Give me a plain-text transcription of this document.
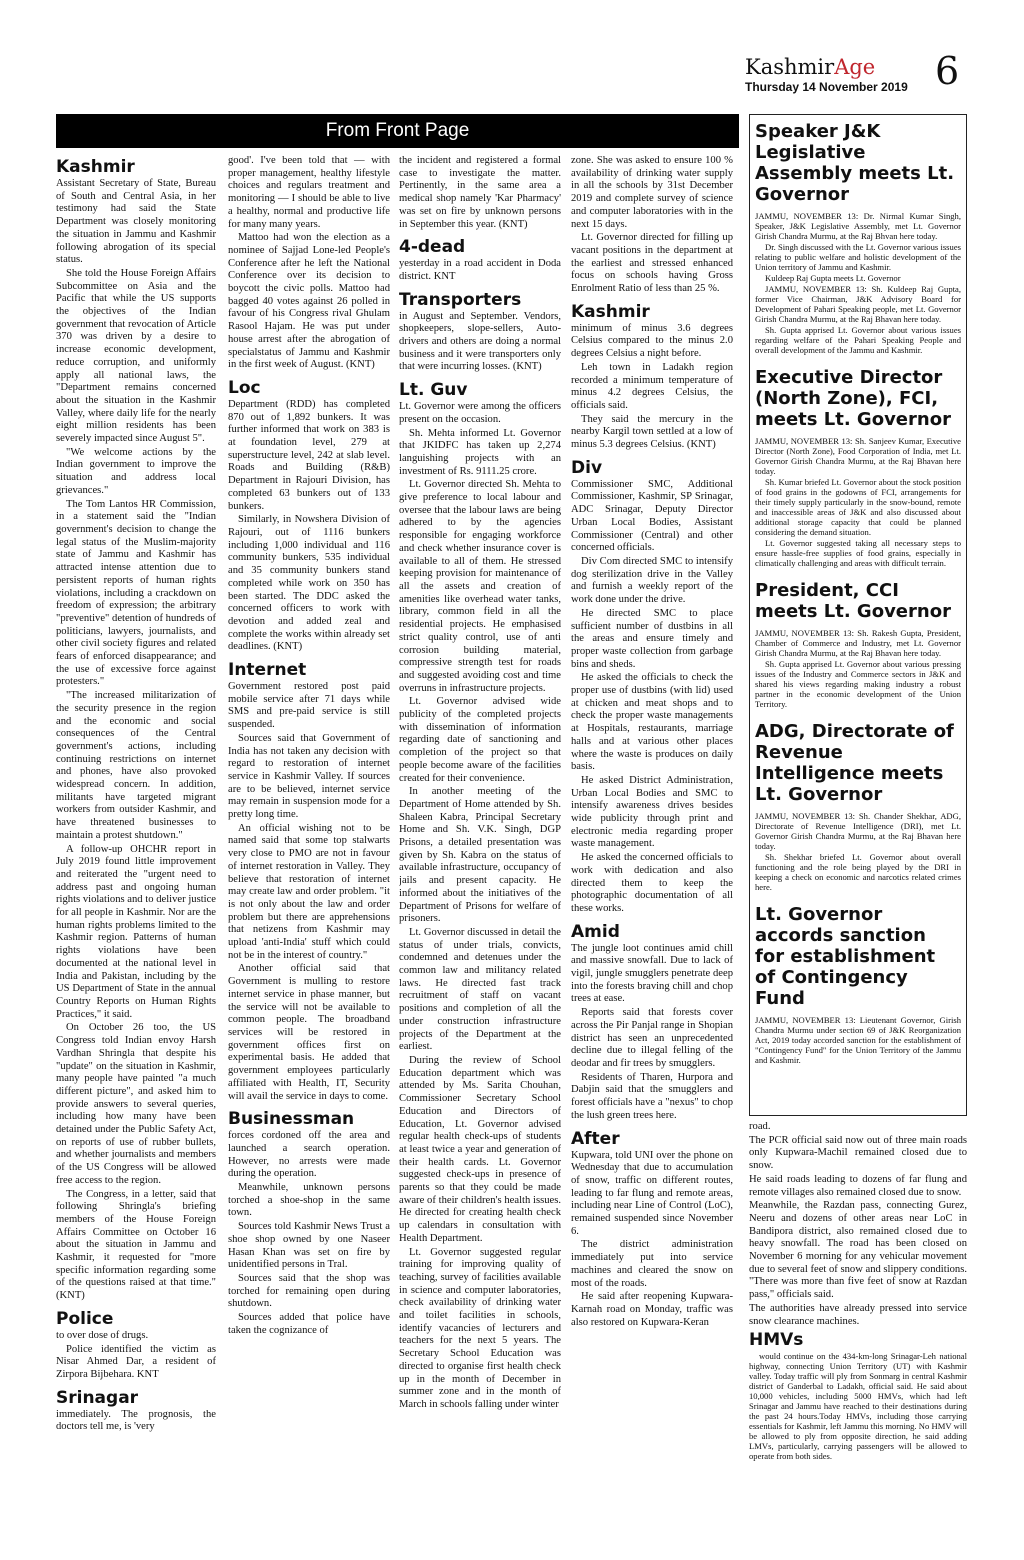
KashmirAge
Thursday 14 November 2019 6
From Front Page
Kashmir

Assistant Secretary of State, Bureau of South and Central Asia, in her testimony had said the State Department was closely monitoring the situation in Jammu and Kashmir following abrogation of its special status.

She told the House Foreign Affairs Subcommittee on Asia and the Pacific that while the US supports the objectives of the Indian government that revocation of Article 370 was driven by a desire to increase economic development, reduce corruption, and uniformly apply all national laws, the "Department remains concerned about the situation in the Kashmir Valley, where daily life for the nearly eight million residents has been severely impacted since August 5".

"We welcome actions by the Indian government to improve the situation and address local grievances."

The Tom Lantos HR Commission, in a statement said the "Indian government's decision to change the legal status of the Muslim-majority state of Jammu and Kashmir has attracted intense attention due to persistent reports of human rights violations, including a crackdown on freedom of expression; the arbitrary "preventive" detention of hundreds of politicians, lawyers, journalists, and other civil society figures and related fears of enforced disappearance; and the use of excessive force against protesters."

"The increased militarization of the security presence in the region and the economic and social consequences of the Central government's actions, including continuing restrictions on internet and phones, have also provoked widespread concern. In addition, militants have targeted migrant workers from outsider Kashmir, and have threatened businesses to maintain a protest shutdown."

A follow-up OHCHR report in July 2019 found little improvement and reiterated the "urgent need to address past and ongoing human rights violations and to deliver justice for all people in Kashmir. Nor are the human rights problems limited to the Kashmir region. Patterns of human rights violations have been documented at the national level in India and Pakistan, including by the US Department of State in the annual Country Reports on Human Rights Practices," it said.

On October 26 too, the US Congress told Indian envoy Harsh Vardhan Shringla that despite his "update" on the situation in Kashmir, many people have painted "a much different picture", and asked him to provide answers to several queries, including how many have been detained under the Public Safety Act, on reports of use of rubber bullets, and whether journalists and members of the US Congress will be allowed free access to the region.

The Congress, in a letter, said that following Shringla's briefing members of the House Foreign Affairs Committee on October 16 about the situation in Jammu and Kashmir, it requested for "more specific information regarding some of the questions raised at that time." (KNT)

Police

to over dose of drugs.

Police identified the victim as Nisar Ahmed Dar, a resident of Zirpora Bijbehara. KNT

Srinagar

immediately. The prognosis, the doctors tell me, is 'very

good'. I've been told that — with proper management, healthy lifestyle choices and regulars treatment and monitoring — I should be able to live a healthy, normal and productive life for many many years.

Mattoo had won the election as a nominee of Sajjad Lone-led People's Conference after he left the National Conference over its decision to boycott the civic polls. Mattoo had bagged 40 votes against 26 polled in favour of his Congress rival Ghulam Rasool Hajam. He was put under house arrest after the abrogation of specialstatus of Jammu and Kashmir in the first week of August. (KNT)

Loc

Department (RDD) has completed 870 out of 1,892 bunkers. It was further informed that work on 383 is at foundation level, 279 at superstructure level, 242 at slab level. Roads and Building (R&B) Department in Rajouri Division, has completed 63 bunkers out of 133 bunkers.

Similarly, in Nowshera Division of Rajouri, out of 1116 bunkers including 1,000 individual and 116 community bunkers, 535 individual and 35 community bunkers stand completed while work on 350 has been started. The DDC asked the concerned officers to work with devotion and added zeal and complete the works within already set deadlines. (KNT)

Internet

Government restored post paid mobile service after 71 days while SMS and pre-paid service is still suspended.

Sources said that Government of India has not taken any decision with regard to restoration of internet service in Kashmir Valley. If sources are to be believed, internet service may remain in suspension mode for a pretty long time.

An official wishing not to be named said that some top stalwarts very close to PMO are not in favour of internet restoration in Valley. They believe that restoration of internet may create law and order problem. "it is not only about the law and order problem but there are apprehensions that netizens from Kashmir may upload 'anti-India' stuff which could not be in the interest of country."

Another official said that Government is mulling to restore internet service in phase manner, but the service will not be available to common people. The broadband services will be restored in government offices first on experimental basis. He added that government employees particularly affiliated with Health, IT, Security will avail the service in days to come.

Businessman

forces cordoned off the area and launched a search operation. However, no arrests were made during the operation.

Meanwhile, unknown persons torched a shoe-shop in the same town.

Sources told Kashmir News Trust a shoe shop owned by one Naseer Hasan Khan was set on fire by unidentified persons in Tral.

Sources said that the shop was torched for remaining open during shutdown.

Sources added that police have taken the cognizance of

the incident and registered a formal case to investigate the matter. Pertinently, in the same area a medical shop namely 'Kar Pharmacy' was set on fire by unknown persons in September this year. (KNT)

4-dead

yesterday in a road accident in Doda district. KNT

Transporters

in August and September. Vendors, shopkeepers, slope-sellers, Auto-drivers and others are doing a normal business and it were transporters only that were incurring losses. (KNT)

Lt. Guv

Lt. Governor were among the officers present on the occasion.

Sh. Mehta informed Lt. Governor that JKIDFC has taken up 2,274 languishing projects with an investment of Rs. 9111.25 crore.

Lt. Governor directed Sh. Mehta to give preference to local labour and oversee that the labour laws are being adhered to by the agencies responsible for engaging workforce and check whether insurance cover is available to all of them. He stressed keeping provision for maintenance of all the assets and creation of amenities like overhead water tanks, library, common field in all the residential projects. He emphasised strict quality control, use of anti corrosion building material, compressive strength test for roads and suggested avoiding cost and time overruns in infrastructure projects.

Lt. Governor advised wide publicity of the completed projects with dissemination of information regarding date of sanctioning and completion of the project so that people become aware of the facilities created for their convenience.

In another meeting of the Department of Home attended by Sh. Shaleen Kabra, Principal Secretary Home and Sh. V.K. Singh, DGP Prisons, a detailed presentation was given by Sh. Kabra on the status of available infrastructure, occupancy of jails and present capacity. He informed about the initiatives of the Department of Prisons for welfare of prisoners.

Lt. Governor discussed in detail the status of under trials, convicts, condemned and detenues under the common law and militancy related laws. He directed fast track recruitment of staff on vacant positions and completion of all the under construction infrastructure projects of the Department at the earliest.

During the review of School Education department which was attended by Ms. Sarita Chouhan, Commissioner Secretary School Education and Directors of Education, Lt. Governor advised regular health check-ups of students at least twice a year and generation of their health cards. Lt. Governor suggested check-ups in presence of parents so that they could be made aware of their children's health issues. He directed for creating health check up calendars in consultation with Health Department.

Lt. Governor suggested regular training for improving quality of teaching, survey of facilities available in science and computer laboratories, check availability of drinking water and toilet facilities in schools, identify vacancies of lecturers and teachers for the next 5 years. The Secretary School Education was directed to organise first health check up in the month of December in summer zone and in the month of March in schools falling under winter

zone. She was asked to ensure 100 % availability of drinking water supply in all the schools by 31st December 2019 and complete survey of science and computer laboratories with in the next 15 days.

Lt. Governor directed for filling up vacant positions in the department at the earliest and stressed enhanced focus on schools having Gross Enrolment Ratio of less than 25 %.

Kashmir

minimum of minus 3.6 degrees Celsius compared to the minus 2.0 degrees Celsius a night before.

Leh town in Ladakh region recorded a minimum temperature of minus 4.2 degrees Celsius, the officials said.

They said the mercury in the nearby Kargil town settled at a low of minus 5.3 degrees Celsius. (KNT)

Div

Commissioner SMC, Additional Commissioner, Kashmir, SP Srinagar, ADC Srinagar, Deputy Director Urban Local Bodies, Assistant Commissioner (Central) and other concerned officials.

Div Com directed SMC to intensify dog sterilization drive in the Valley and furnish a weekly report of the work done under the drive.

He directed SMC to place sufficient number of dustbins in all the areas and ensure timely and proper waste collection from garbage bins and sheds.

He asked the officials to check the proper use of dustbins (with lid) used at chicken and meat shops and to check the proper waste managements at Hospitals, restaurants, marriage halls and at various other places where the waste is produces on daily basis.

He asked District Administration, Urban Local Bodies and SMC to intensify awareness drives besides wide publicity through print and electronic media regarding proper waste management.

He asked the concerned officials to work with dedication and also directed them to keep the photographic documentation of all these works.

Amid

The jungle loot continues amid chill and massive snowfall. Due to lack of vigil, jungle smugglers penetrate deep into the forests braving chill and chop trees at ease.

Reports said that forests cover across the Pir Panjal range in Shopian district has seen an unprecedented decline due to illegal felling of the deodar and fir trees by smugglers.

Residents of Tharen, Hurpora and Dabjin said that the smugglers and forest officials have a "nexus" to chop the lush green trees here.

After

Kupwara, told UNI over the phone on Wednesday that due to accumulation of snow, traffic on different routes, leading to far flung and remote areas, including near Line of Control (LoC), remained suspended since November 6.

The district administration immediately put into service machines and cleared the snow on most of the roads.

He said after reopening Kupwara-Karnah road on Monday, traffic was also restored on Kupwara-Keran

Speaker J&K Legislative Assembly meets Lt. Governor

JAMMU, NOVEMBER 13: Dr. Nirmal Kumar Singh, Speaker, J&K Legislative Assembly, met Lt. Governor Girish Chandra Murmu, at the Raj Bhvan here today.

Dr. Singh discussed with the Lt. Governor various issues relating to public welfare and holistic development of the Union territory of Jammu and Kashmir.

Kuldeep Raj Gupta meets Lt. Governor

JAMMU, NOVEMBER 13: Sh. Kuldeep Raj Gupta, former Vice Chairman, J&K Advisory Board for Development of Pahari Speaking people, met Lt. Governor Girish Chandra Murmu, at the Raj Bhavan here today.

Sh. Gupta apprised Lt. Governor about various issues regarding welfare of the Pahari Speaking People and overall development of the Jammu and Kashmir.

Executive Director (North Zone), FCI, meets Lt. Governor

JAMMU, NOVEMBER 13: Sh. Sanjeev Kumar, Executive Director (North Zone), Food Corporation of India, met Lt. Governor Girish Chandra Murmu, at the Raj Bhavan here today.

Sh. Kumar briefed Lt. Governor about the stock position of food grains in the godowns of FCI, arrangements for their timely supply particularly in the snow-bound, remote and inaccessible areas of J&K and also discussed about additional storage capacity that could be planned considering the demand situation.

Lt. Governor suggested taking all necessary steps to ensure hassle-free supplies of food grains, especially in climatically challenging and areas with difficult terrain.

President, CCI meets Lt. Governor

JAMMU, NOVEMBER 13: Sh. Rakesh Gupta, President, Chamber of Commerce and Industry, met Lt. Governor Girish Chandra Murmu, at the Raj Bhavan here today.

Sh. Gupta apprised Lt. Governor about various pressing issues of the Industry and Commerce sectors in J&K and shared his views regarding making industry a robust partner in the economic development of the Union Territory.

ADG, Directorate of Revenue Intelligence meets Lt. Governor

JAMMU, NOVEMBER 13: Sh. Chander Shekhar, ADG, Directorate of Revenue Intelligence (DRI), met Lt. Governor Girish Chandra Murmu, at the Raj Bhavan here today.

Sh. Shekhar briefed Lt. Governor about overall functioning and the role being played by the DRI in keeping a check on economic and narcotics related crimes here.

Lt. Governor accords sanction for establishment of Contingency Fund

JAMMU, NOVEMBER 13: Lieutenant Governor, Girish Chandra Murmu under section 69 of J&K Reorganization Act, 2019 today accorded sanction for the establishment of "Contingency Fund" for the Union Territory of the Jammu and Kashmir.

road.

The PCR official said now out of three main roads only Kupwara-Machil remained closed due to snow.

He said roads leading to dozens of far flung and remote villages also remained closed due to snow.

Meanwhile, the Razdan pass, connecting Gurez, Neeru and dozens of other areas near LoC in Bandipora district, also remained closed due to heavy snowfall. The road has been closed on November 6 morning for any vehicular movement due to several feet of snow and slippery conditions. "There was more than five feet of snow at Razdan pass," officials said.

The authorities have already pressed into service snow clearance machines.

HMVs

would continue on the 434-km-long Srinagar-Leh national highway, connecting Union Territory (UT) with Kashmir valley. Today traffic will ply from Sonmarg in central Kashmir district of Ganderbal to Ladakh, official said. He said about 10,000 vehicles, including 5000 HMVs, which had left Srinagar and Jammu have reached to their destinations during the past 24 hours.Today HMVs, including those carrying essentials for Kashmir, left Jammu this morning. No HMV will be allowed to ply from opposite direction, he said adding LMVs, particularly, carrying passengers will be allowed to operate from both sides.
